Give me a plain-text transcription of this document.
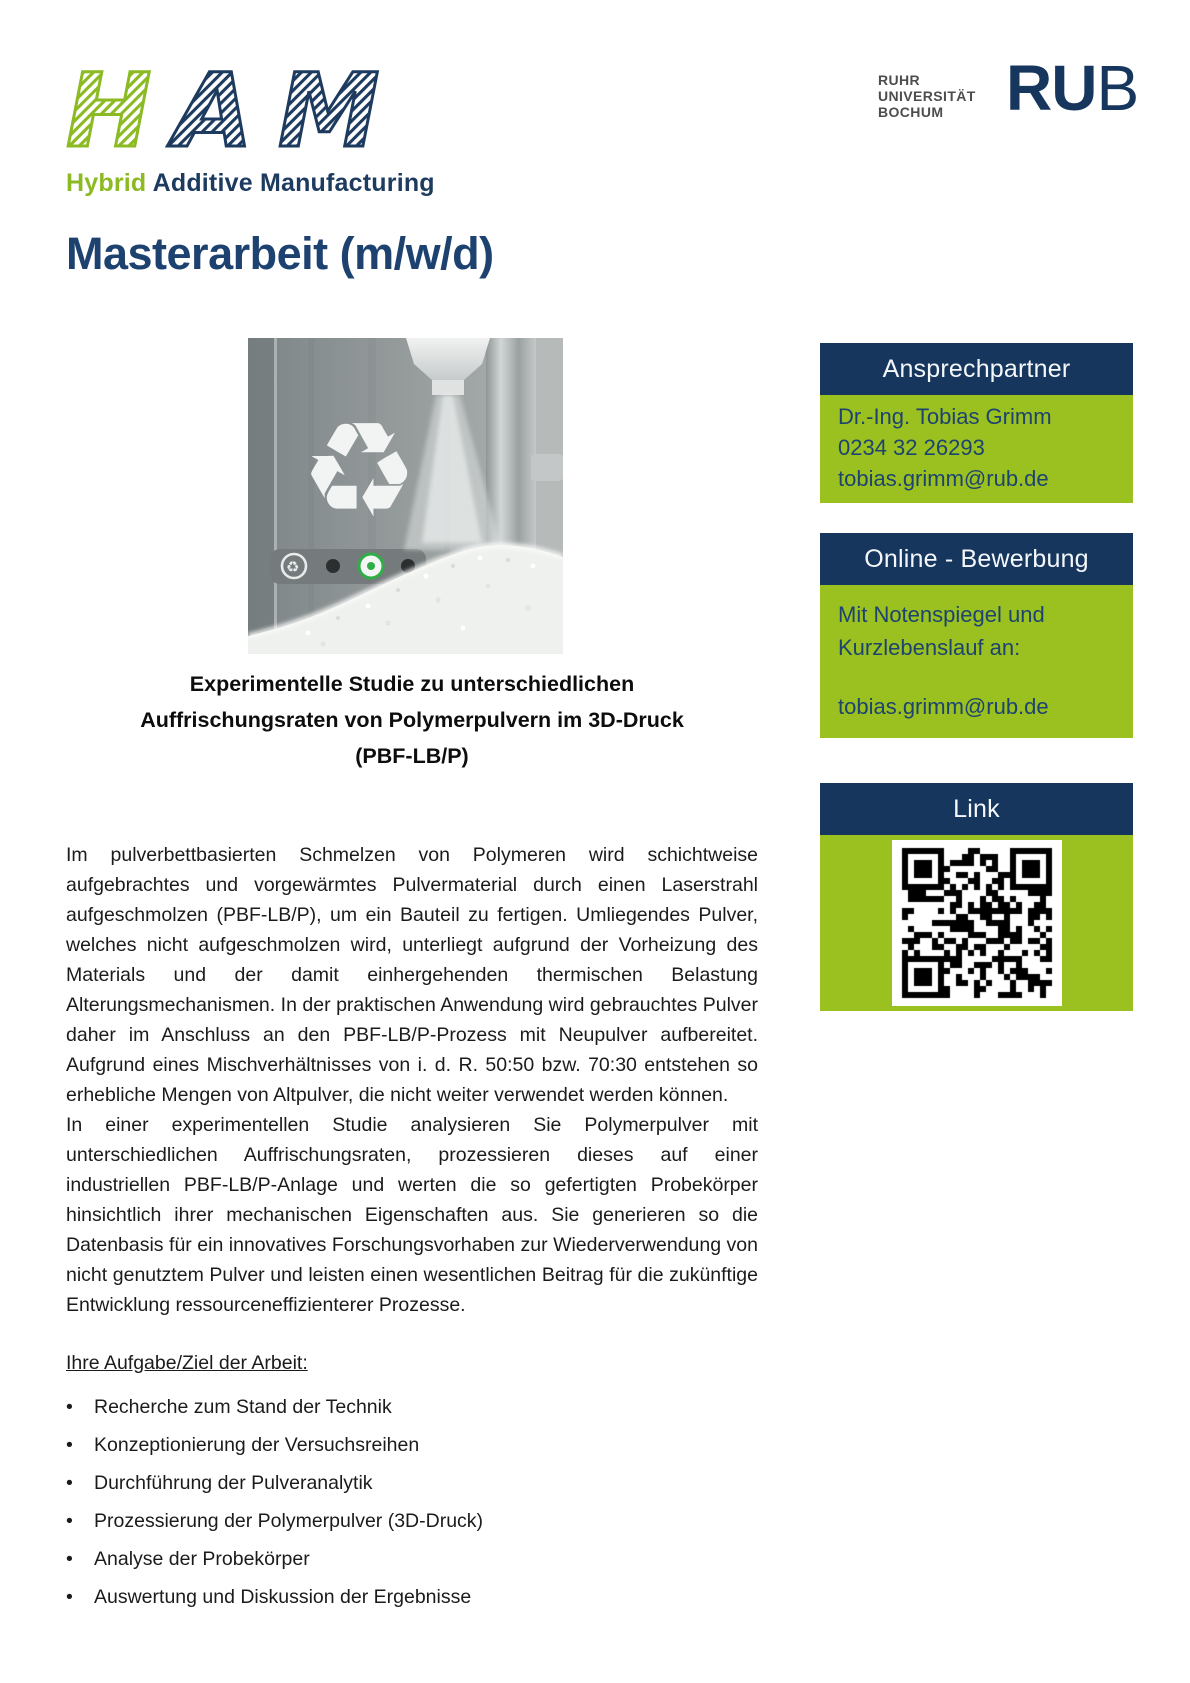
H A M
Hybrid Additive Manufacturing
RUHR
UNIVERSITÄT
BOCHUM RUB
Masterarbeit (m/w/d)
♻
♻
Experimentelle Studie zu unterschiedlichen
Auffrischungsraten von Polymerpulvern im 3D-Druck
(PBF-LB/P)

Im pulverbettbasierten Schmelzen von Polymeren wird schichtweise aufgebrachtes und vorgewärmtes Pulvermaterial durch einen Laserstrahl aufgeschmolzen (PBF-LB/P), um ein Bauteil zu fertigen. Umliegendes Pulver, welches nicht aufgeschmolzen wird, unterliegt aufgrund der Vorheizung des Materials und der damit einhergehenden thermischen Belastung Alterungsmechanismen. In der praktischen Anwendung wird gebrauchtes Pulver daher im Anschluss an den PBF-LB/P-Prozess mit Neupulver aufbereitet. Aufgrund eines Mischverhältnisses von i. d. R. 50:50 bzw. 70:30 entstehen so erhebliche Mengen von Altpulver, die nicht weiter verwendet werden können.

In einer experimentellen Studie analysieren Sie Polymerpulver mit unterschiedlichen Auffrischungsraten, prozessieren dieses auf einer industriellen PBF-LB/P-Anlage und werten die so gefertigten Probekörper hinsichtlich ihrer mechanischen Eigenschaften aus. Sie generieren so die Datenbasis für ein innovatives Forschungsvorhaben zur Wiederverwendung von nicht genutztem Pulver und leisten einen wesentlichen Beitrag für die zukünftige Entwicklung ressourceneffizienterer Prozesse.

Ihre Aufgabe/Ziel der Arbeit:
•	Recherche zum Stand der Technik
•	Konzeptionierung der Versuchsreihen
•	Durchführung der Pulveranalytik
•	Prozessierung der Polymerpulver (3D-Druck)
•	Analyse der Probekörper
•	Auswertung und Diskussion der Ergebnisse
Ansprechpartner
Dr.-Ing. Tobias Grimm
0234 32 26293
tobias.grimm@rub.de
Online - Bewerbung
Mit Notenspiegel und
Kurzlebenslauf an:
tobias.grimm@rub.de
Link
